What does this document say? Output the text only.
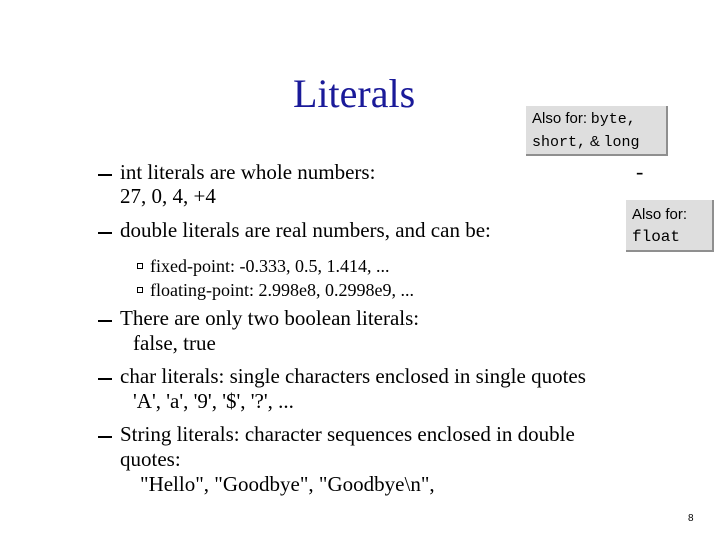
Literals
Also for: byte,
short, & long
-
Also for:
float
int literals are whole numbers:
27, 0, 4, +4
double literals are real numbers, and can be:
fixed-point: -0.333, 0.5, 1.414, ...
floating-point: 2.998e8, 0.2998e9, ...
There are only two boolean literals:
false, true
char literals: single characters enclosed in single quotes
'A', 'a', '9', '$', '?', ...
String literals: character sequences enclosed in double
quotes:
"Hello", "Goodbye", "Goodbye\n",
8
